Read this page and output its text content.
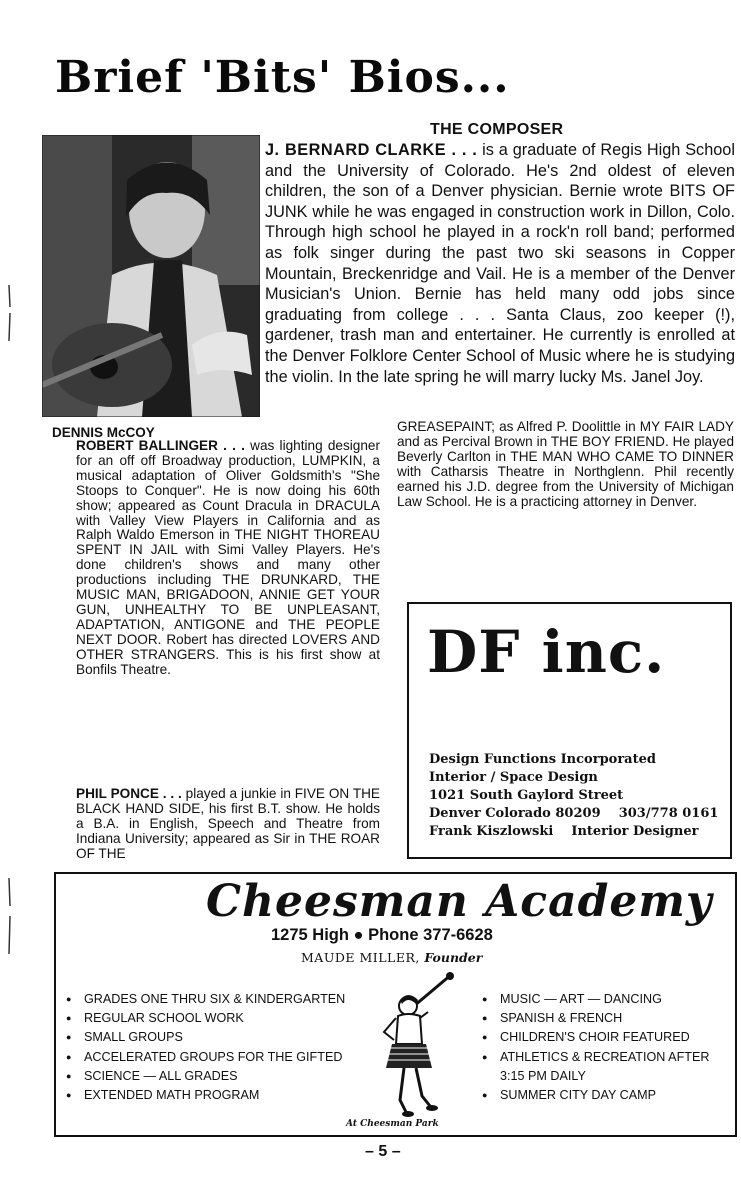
Brief 'Bits' Bios...
THE COMPOSER
J. BERNARD CLARKE . . . is a graduate of Regis High School and the University of Colorado. He's 2nd oldest of eleven children, the son of a Denver physician. Bernie wrote BITS OF JUNK while he was engaged in construction work in Dillon, Colo. Through high school he played in a rock'n roll band; performed as folk singer during the past two ski seasons in Copper Mountain, Breckenridge and Vail. He is a member of the Denver Musician's Union. Bernie has held many odd jobs since graduating from college . . . Santa Claus, zoo keeper (!), gardener, trash man and entertainer. He currently is enrolled at the Denver Folklore Center School of Music where he is studying the violin. In the late spring he will marry lucky Ms. Janel Joy.
DENNIS McCOY
ROBERT BALLINGER . . . was lighting designer for an off off Broadway production, LUMPKIN, a musical adaptation of Oliver Goldsmith's "She Stoops to Conquer". He is now doing his 60th show; appeared as Count Dracula in DRACULA with Valley View Players in California and as Ralph Waldo Emerson in THE NIGHT THOREAU SPENT IN JAIL with Simi Valley Players. He's done children's shows and many other productions including THE DRUNKARD, THE MUSIC MAN, BRIGADOON, ANNIE GET YOUR GUN, UNHEALTHY TO BE UNPLEASANT, ADAPTATION, ANTIGONE and THE PEOPLE NEXT DOOR. Robert has directed LOVERS AND OTHER STRANGERS. This is his first show at Bonfils Theatre.
PHIL PONCE . . . played a junkie in FIVE ON THE BLACK HAND SIDE, his first B.T. show. He holds a B.A. in English, Speech and Theatre from Indiana University; appeared as Sir in THE ROAR OF THE
GREASEPAINT; as Alfred P. Doolittle in MY FAIR LADY and as Percival Brown in THE BOY FRIEND. He played Beverly Carlton in THE MAN WHO CAME TO DINNER with Catharsis Theatre in Northglenn. Phil recently earned his J.D. degree from the University of Michigan Law School. He is a practicing attorney in Denver.
DF inc.
Design Functions Incorporated
Interior / Space Design
1021 South Gaylord Street
Denver Colorado 80209    303/778 0161
Frank Kiszlowski    Interior Designer
Cheesman Academy
1275 High ● Phone 377-6628
MAUDE MILLER, Founder
● GRADES ONE THRU SIX & KINDERGARTEN
● REGULAR SCHOOL WORK
● SMALL GROUPS
● ACCELERATED GROUPS FOR THE GIFTED
● SCIENCE — ALL GRADES
● EXTENDED MATH PROGRAM
At Cheesman Park
● MUSIC — ART — DANCING
● SPANISH & FRENCH
● CHILDREN'S CHOIR FEATURED
● ATHLETICS & RECREATION AFTER
3:15 PM DAILY
● SUMMER CITY DAY CAMP
– 5 –
